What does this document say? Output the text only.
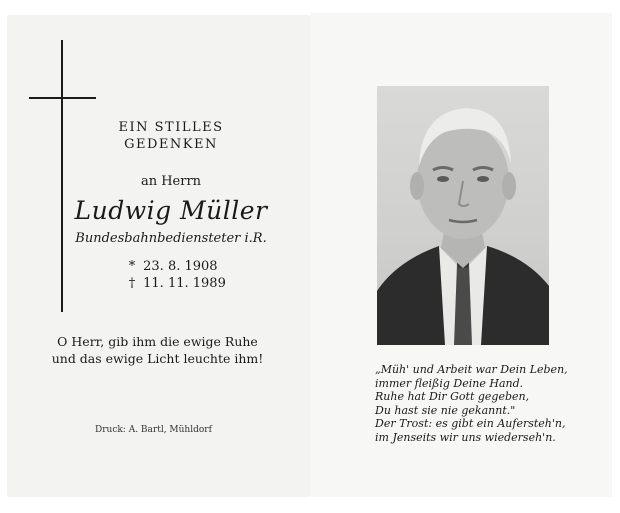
EIN STILLES
GEDENKEN
an Herrn
Ludwig Müller
Bundesbahnbediensteter i.R.
* 23. 8. 1908
† 11. 11. 1989
O Herr, gib ihm die ewige Ruhe
und das ewige Licht leuchte ihm!
Druck: A. Bartl, Mühldorf
„Müh' und Arbeit war Dein Leben,
immer fleißig Deine Hand.
Ruhe hat Dir Gott gegeben,
Du hast sie nie gekannt."
Der Trost: es gibt ein Aufersteh'n,
im Jenseits wir uns wiederseh'n.
